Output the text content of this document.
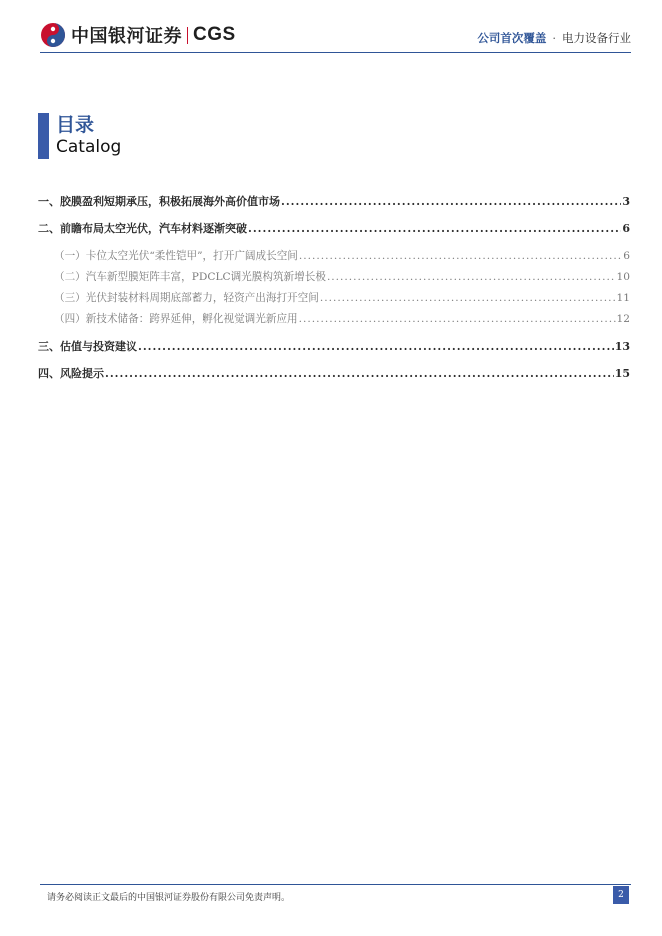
中国银河证券 CGS	公司首次覆盖 · 电力设备行业
目录
Catalog
一、 胶膜盈利短期承压，积极拓展海外高价值市场 .....	3
二、 前瞻布局太空光伏，汽车材料逐渐突破 .....	6
（一） 卡位太空光伏“柔性铠甲”，打开广阔成长空间 .....	6
（二） 汽车新型膜矩阵丰富，PDCLC调光膜构筑新增长极 .....	10
（三） 光伏封装材料周期底部蓄力，轻资产出海打开空间 .....	11
（四） 新技术储备：跨界延伸，孵化视觉调光新应用 .....	12
三、 估值与投资建议 .....	13
四、 风险提示 .....	15
请务必阅读正文最后的中国银河证券股份有限公司免责声明。	2
